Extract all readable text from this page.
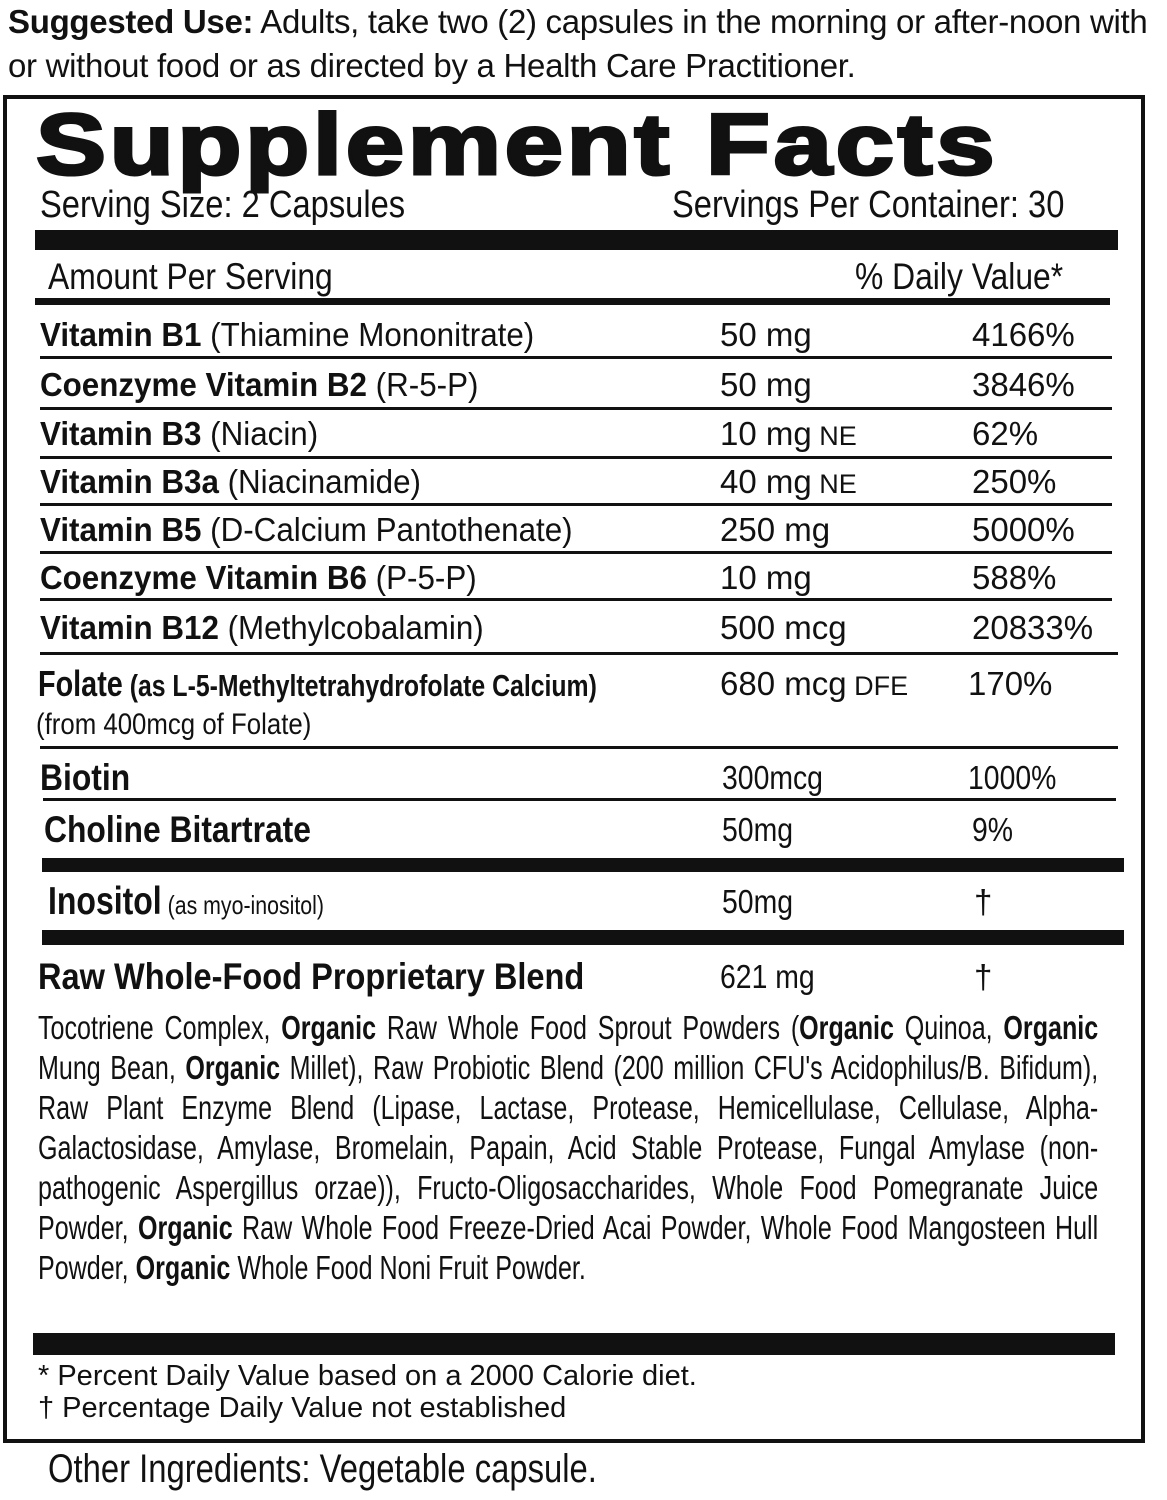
Suggested Use: Adults, take two (2) capsules in the morning or after-noon with or without food or as directed by a Health Care Practitioner.
Supplement Facts
Serving Size: 2 Capsules	Servings Per Container: 30
Amount Per Serving	% Daily Value*
Vitamin B1 (Thiamine Mononitrate)	50 mg	4166%
Coenzyme Vitamin B2 (R-5-P)	50 mg	3846%
Vitamin B3 (Niacin)	10 mg NE	62%
Vitamin B3a (Niacinamide)	40 mg NE	250%
Vitamin B5 (D-Calcium Pantothenate)	250 mg	5000%
Coenzyme Vitamin B6 (P-5-P)	10 mg	588%
Vitamin B12 (Methylcobalamin)	500 mcg	20833%
Folate (as L-5-Methyltetrahydrofolate Calcium)	680 mcg DFE 170%
(from 400mcg of Folate)
Biotin	300mcg	1000%
Choline Bitartrate	50mg	9%
Inositol (as myo-inositol)	50mg	†
Raw Whole-Food Proprietary Blend	621 mg	†
Tocotriene Complex, Organic Raw Whole Food Sprout Powders (Organic Quinoa, Organic Mung Bean, Organic Millet), Raw Probiotic Blend (200 million CFU's Acidophilus/B. Bifidum), Raw Plant Enzyme Blend (Lipase, Lactase, Protease, Hemicellulase, Cellulase, Alpha-Galactosidase, Amylase, Bromelain, Papain, Acid Stable Protease, Fungal Amylase (non-pathogenic Aspergillus orzae)), Fructo-Oligosaccharides, Whole Food Pomegranate Juice Powder, Organic Raw Whole Food Freeze-Dried Acai Powder, Whole Food Mangosteen Hull Powder, Organic Whole Food Noni Fruit Powder.
* Percent Daily Value based on a 2000 Calorie diet.
† Percentage Daily Value not established
Other Ingredients: Vegetable capsule.
